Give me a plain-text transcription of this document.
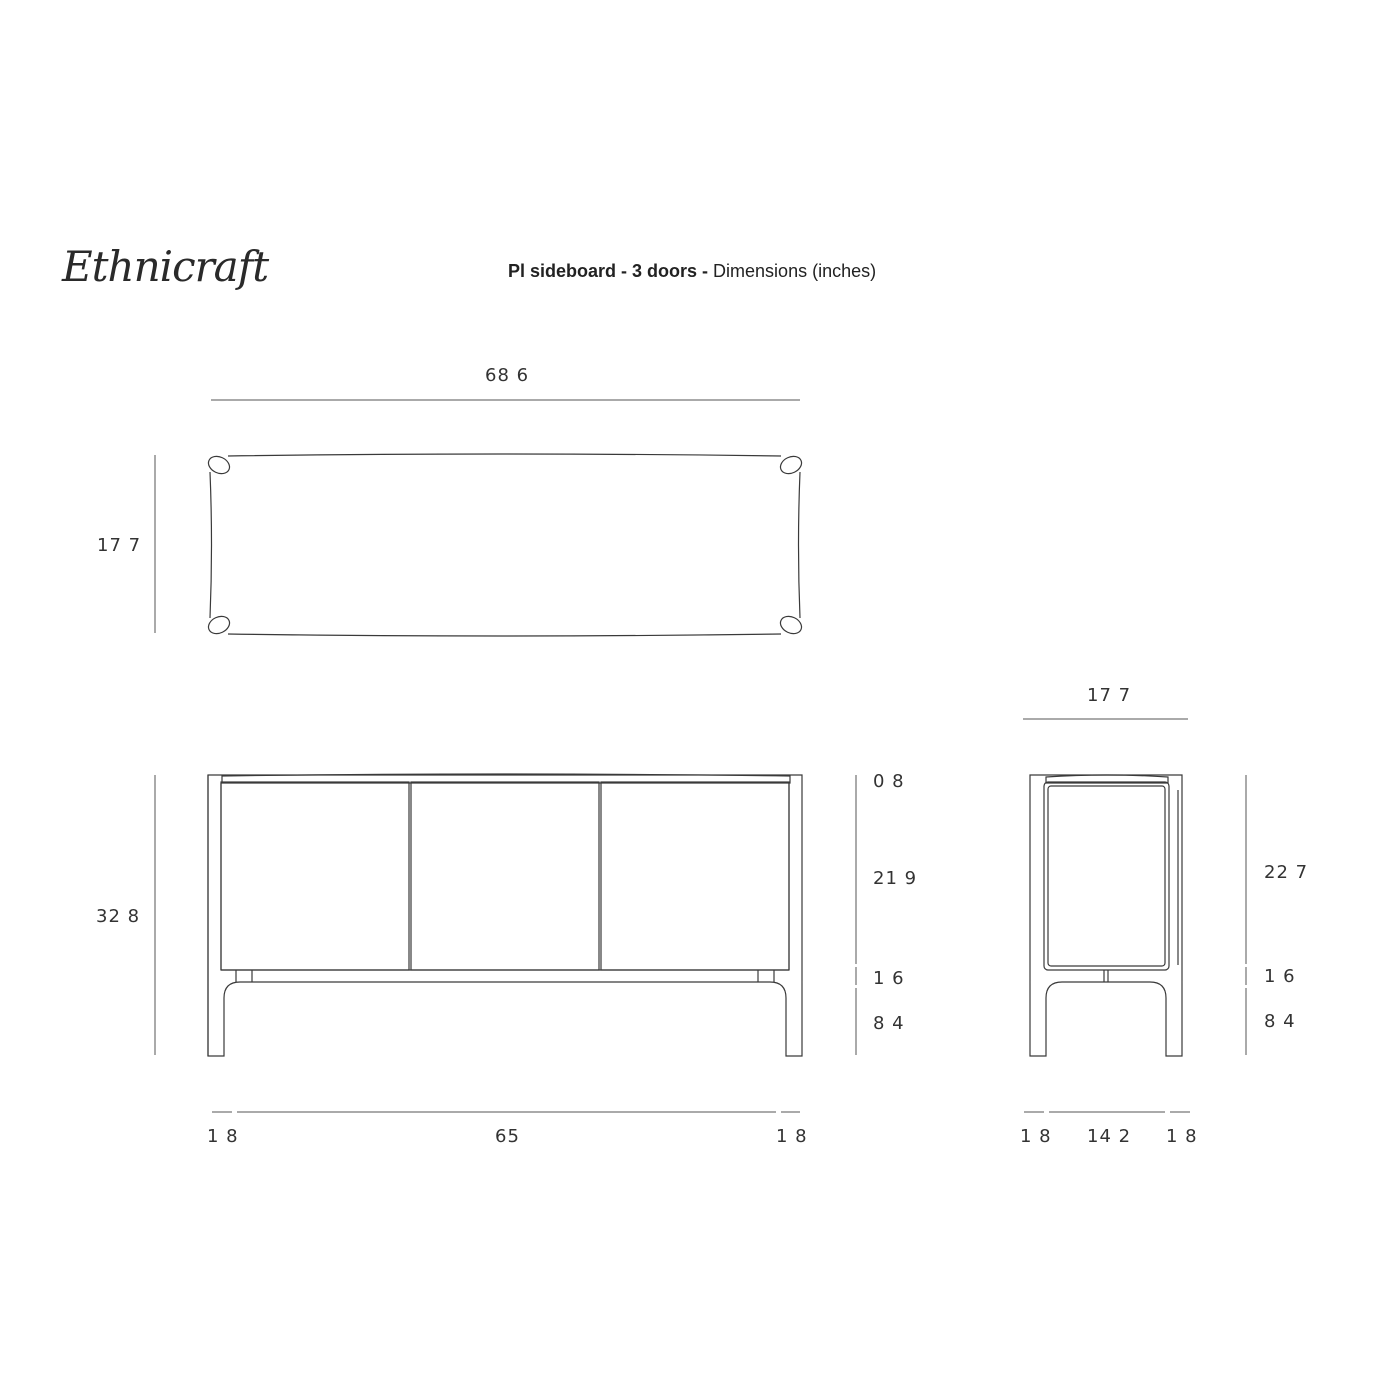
Ethnicraft	Pl sideboard - 3 doors - Dimensions (inches)
68 6
17 7
32 8
0 8
21 9
1 6
8 4
1 8	65	1 8
17 7
22 7
1 6
8 4
1 8 14 2 1 8
